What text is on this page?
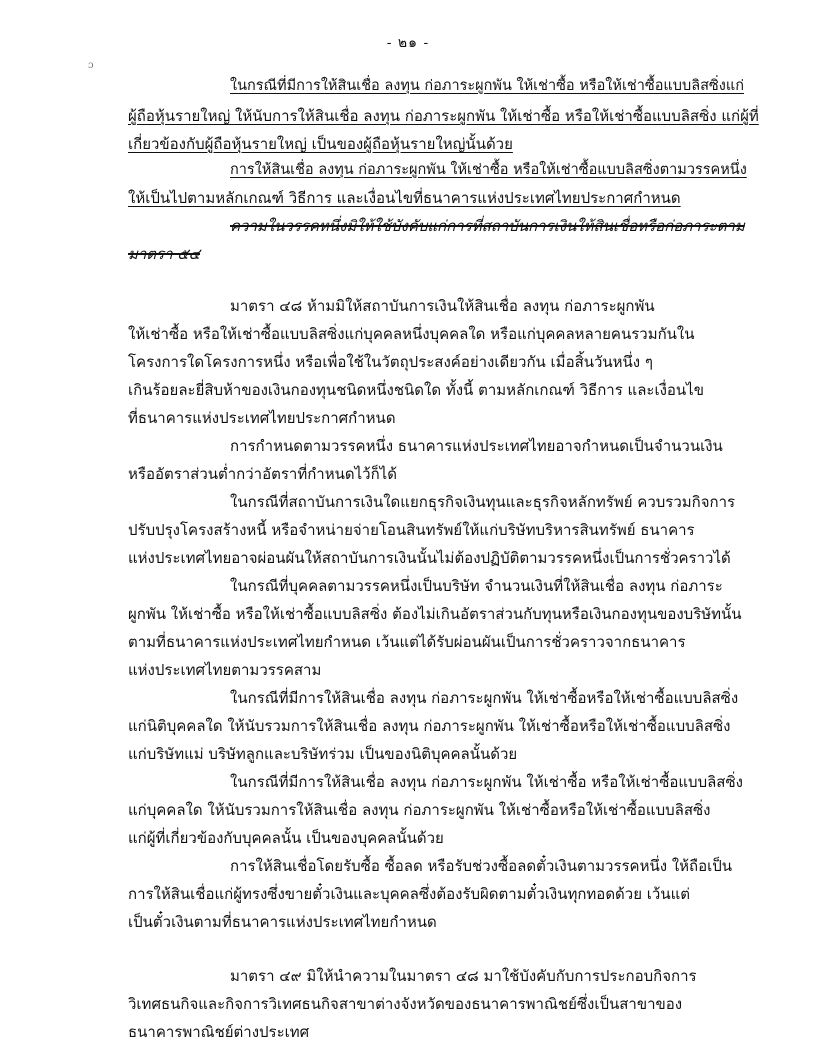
- ๒๑ -
ɔ
ในกรณีที่มีการให้สินเชื่อ ลงทุน ก่อภาระผูกพัน ให้เช่าซื้อ หรือให้เช่าซื้อแบบลิสซิ่งแก่
ผู้ถือหุ้นรายใหญ่ ให้นับการให้สินเชื่อ ลงทุน ก่อภาระผูกพัน ให้เช่าซื้อ หรือให้เช่าซื้อแบบลิสซิ่ง แก่ผู้ที่
เกี่ยวข้องกับผู้ถือหุ้นรายใหญ่ เป็นของผู้ถือหุ้นรายใหญ่นั้นด้วย
การให้สินเชื่อ ลงทุน ก่อภาระผูกพัน ให้เช่าซื้อ หรือให้เช่าซื้อแบบลิสซิ่งตามวรรคหนึ่ง
ให้เป็นไปตามหลักเกณฑ์ วิธีการ และเงื่อนไขที่ธนาคารแห่งประเทศไทยประกาศกำหนด
ความในวรรคหนึ่งมิให้ใช้บังคับแก่การที่สถาบันการเงินให้สินเชื่อหรือก่อภาระตาม
มาตรา ๕๔
มาตรา ๔๘ ห้ามมิให้สถาบันการเงินให้สินเชื่อ ลงทุน ก่อภาระผูกพัน
ให้เช่าซื้อ หรือให้เช่าซื้อแบบลิสซิ่งแก่บุคคลหนึ่งบุคคลใด หรือแก่บุคคลหลายคนรวมกันใน
โครงการใดโครงการหนึ่ง หรือเพื่อใช้ในวัตถุประสงค์อย่างเดียวกัน เมื่อสิ้นวันหนึ่ง ๆ
เกินร้อยละยี่สิบห้าของเงินกองทุนชนิดหนึ่งชนิดใด ทั้งนี้ ตามหลักเกณฑ์ วิธีการ และเงื่อนไข
ที่ธนาคารแห่งประเทศไทยประกาศกำหนด
การกำหนดตามวรรคหนึ่ง ธนาคารแห่งประเทศไทยอาจกำหนดเป็นจำนวนเงิน
หรืออัตราส่วนต่ำกว่าอัตราที่กำหนดไว้ก็ได้
ในกรณีที่สถาบันการเงินใดแยกธุรกิจเงินทุนและธุรกิจหลักทรัพย์ ควบรวมกิจการ
ปรับปรุงโครงสร้างหนี้ หรือจำหน่ายจ่ายโอนสินทรัพย์ให้แก่บริษัทบริหารสินทรัพย์ ธนาคาร
แห่งประเทศไทยอาจผ่อนผันให้สถาบันการเงินนั้นไม่ต้องปฏิบัติตามวรรคหนึ่งเป็นการชั่วคราวได้
ในกรณีที่บุคคลตามวรรคหนึ่งเป็นบริษัท จำนวนเงินที่ให้สินเชื่อ ลงทุน ก่อภาระ
ผูกพัน ให้เช่าซื้อ หรือให้เช่าซื้อแบบลิสซิ่ง ต้องไม่เกินอัตราส่วนกับทุนหรือเงินกองทุนของบริษัทนั้น
ตามที่ธนาคารแห่งประเทศไทยกำหนด เว้นแต่ได้รับผ่อนผันเป็นการชั่วคราวจากธนาคาร
แห่งประเทศไทยตามวรรคสาม
ในกรณีที่มีการให้สินเชื่อ ลงทุน ก่อภาระผูกพัน ให้เช่าซื้อหรือให้เช่าซื้อแบบลิสซิ่ง
แก่นิติบุคคลใด ให้นับรวมการให้สินเชื่อ ลงทุน ก่อภาระผูกพัน ให้เช่าซื้อหรือให้เช่าซื้อแบบลิสซิ่ง
แก่บริษัทแม่ บริษัทลูกและบริษัทร่วม เป็นของนิติบุคคลนั้นด้วย
ในกรณีที่มีการให้สินเชื่อ ลงทุน ก่อภาระผูกพัน ให้เช่าซื้อ หรือให้เช่าซื้อแบบลิสซิ่ง
แก่บุคคลใด ให้นับรวมการให้สินเชื่อ ลงทุน ก่อภาระผูกพัน ให้เช่าซื้อหรือให้เช่าซื้อแบบลิสซิ่ง
แก่ผู้ที่เกี่ยวข้องกับบุคคลนั้น เป็นของบุคคลนั้นด้วย
การให้สินเชื่อโดยรับซื้อ ซื้อลด หรือรับช่วงซื้อลดตั๋วเงินตามวรรคหนึ่ง ให้ถือเป็น
การให้สินเชื่อแก่ผู้ทรงซึ่งขายตั๋วเงินและบุคคลซึ่งต้องรับผิดตามตั๋วเงินทุกทอดด้วย เว้นแต่
เป็นตั๋วเงินตามที่ธนาคารแห่งประเทศไทยกำหนด
มาตรา ๔๙ มิให้นำความในมาตรา ๔๘ มาใช้บังคับกับการประกอบกิจการ
วิเทศธนกิจและกิจการวิเทศธนกิจสาขาต่างจังหวัดของธนาคารพาณิชย์ซึ่งเป็นสาขาของ
ธนาคารพาณิชย์ต่างประเทศ
